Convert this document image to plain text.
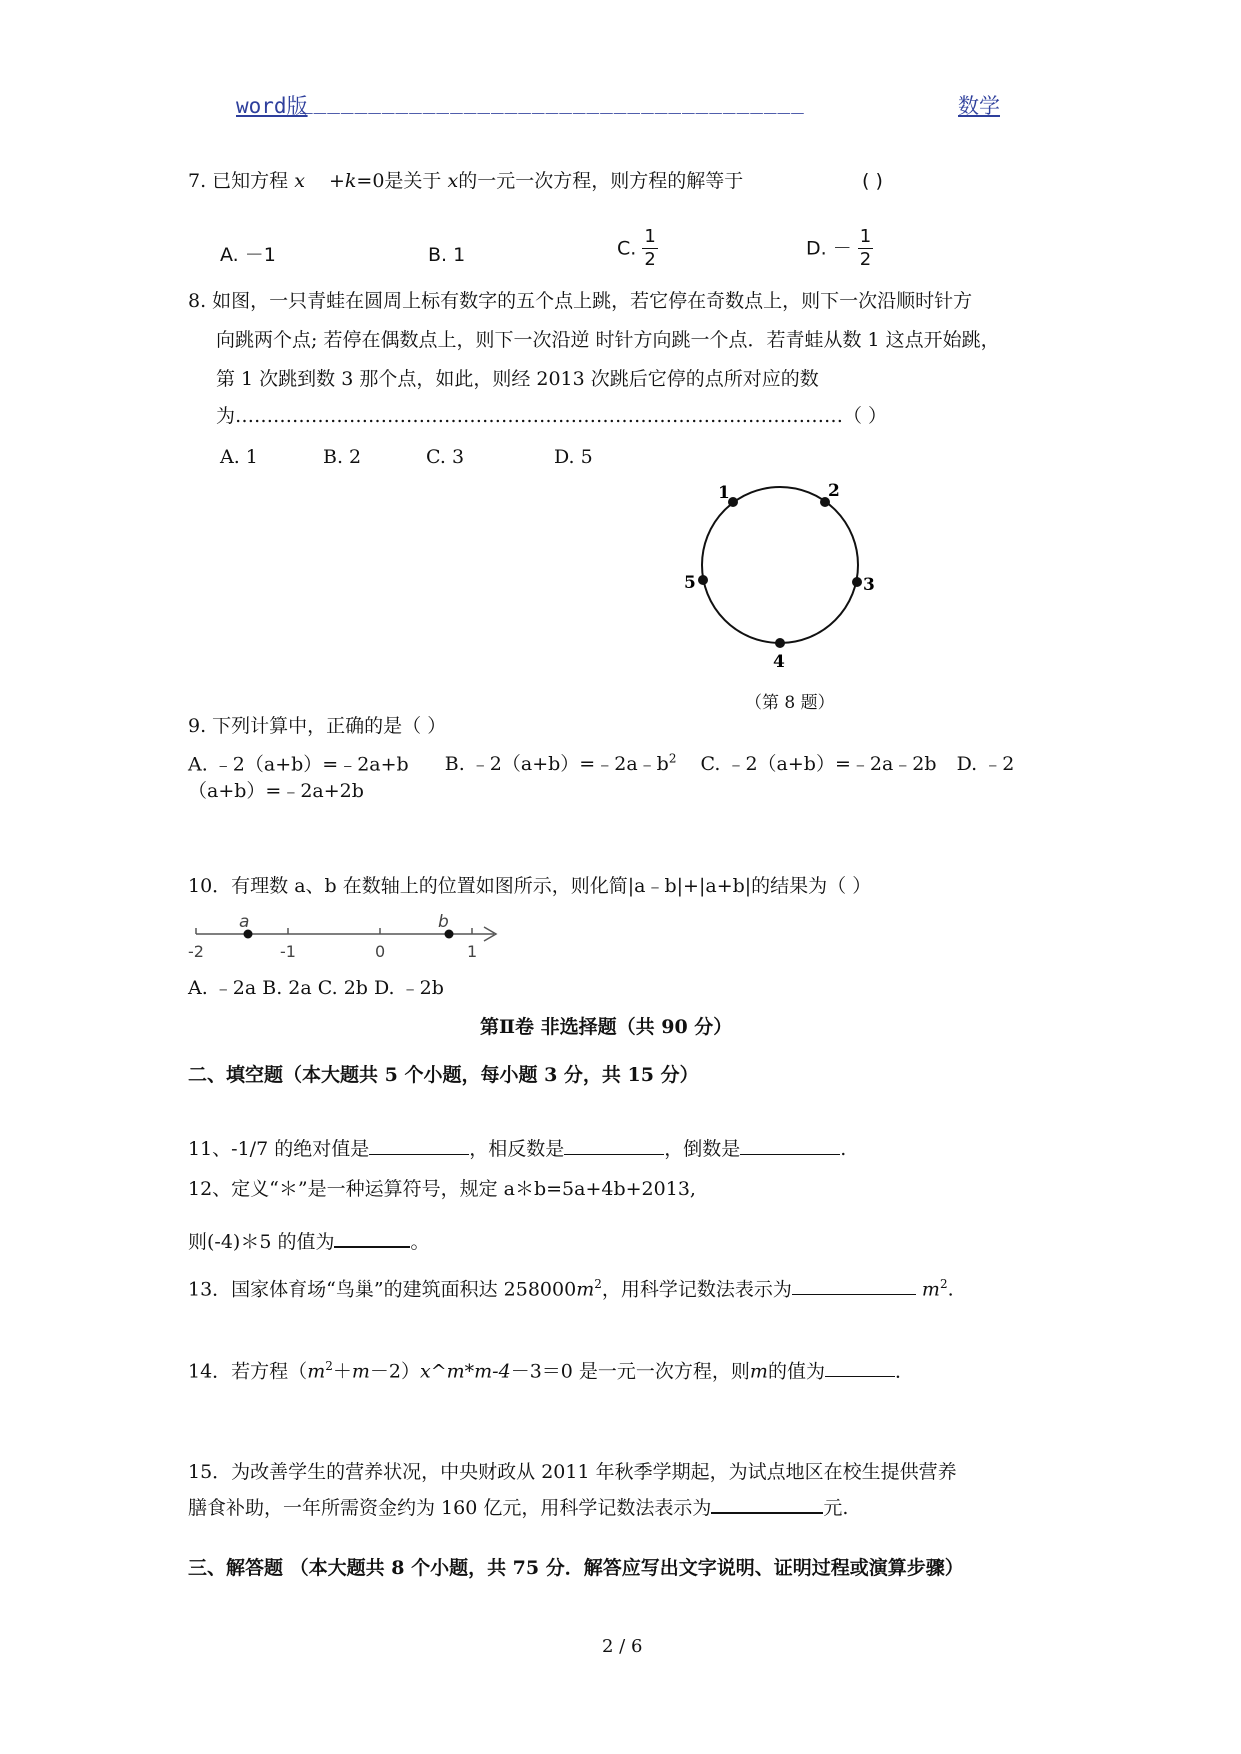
word版
_____________________________________	数学
7. 已知方程 x +k=0是关于 x的一元一次方程，则方程的解等于	( )
A. －1	B. 1	C. $\frac{1}{2}$	D. － $\frac{1}{2}$
8. 如图，一只青蛙在圆周上标有数字的五个点上跳，若它停在奇数点上，则下一次沿顺时针方
向跳两个点; 若停在偶数点上，则下一次沿逆 时针方向跳一个点．若青蛙从数 1 这点开始跳，
第 1 次跳到数 3 那个点，如此，则经 2013 次跳后它停的点所对应的数
为……………………………………………………………………………………（ ）
A. 1	B. 2	C. 3	D. 5
1	2
3
4
5
（第 8 题）
9. 下列计算中，正确的是（ ）
A. ﹣2（a+b）=﹣2a+b B. $﹣2(a+b)=﹣2a﹣b^2$ C. ﹣2（a+b）=﹣2a﹣2b D. ﹣2
（a+b）=﹣2a+2b
10．有理数 a、b 在数轴上的位置如图所示，则化简|a﹣b|+|a+b|的结果为（ ）
a	b
-2	-1	0	1
A. ﹣2a B. 2a C. 2b D. ﹣2b
第Ⅱ卷 非选择题（共 90 分）
二、填空题（本大题共 5 个小题，每小题 3 分，共 15 分）
11、-1/7 的绝对值是	，相反数是	，倒数是	.
12、定义“＊”是一种运算符号，规定 a＊b=5a+4b+2013,
则(-4)＊5 的值为	。
13．国家体育场“鸟巢”的建筑面积达 $258000m^2$，用科学记数法表示为	$m^2$.
14．若方程$(m^2+m-2)x\^{}m*m-4-3=0$ 是一元一次方程，则m的值为	．
15．为改善学生的营养状况，中央财政从 2011 年秋季学期起，为试点地区在校生提供营养
膳食补助，一年所需资金约为 160 亿元，用科学记数法表示为	元.
三、解答题 （本大题共 8 个小题，共 75 分．解答应写出文字说明、证明过程或演算步骤）
2 / 6
